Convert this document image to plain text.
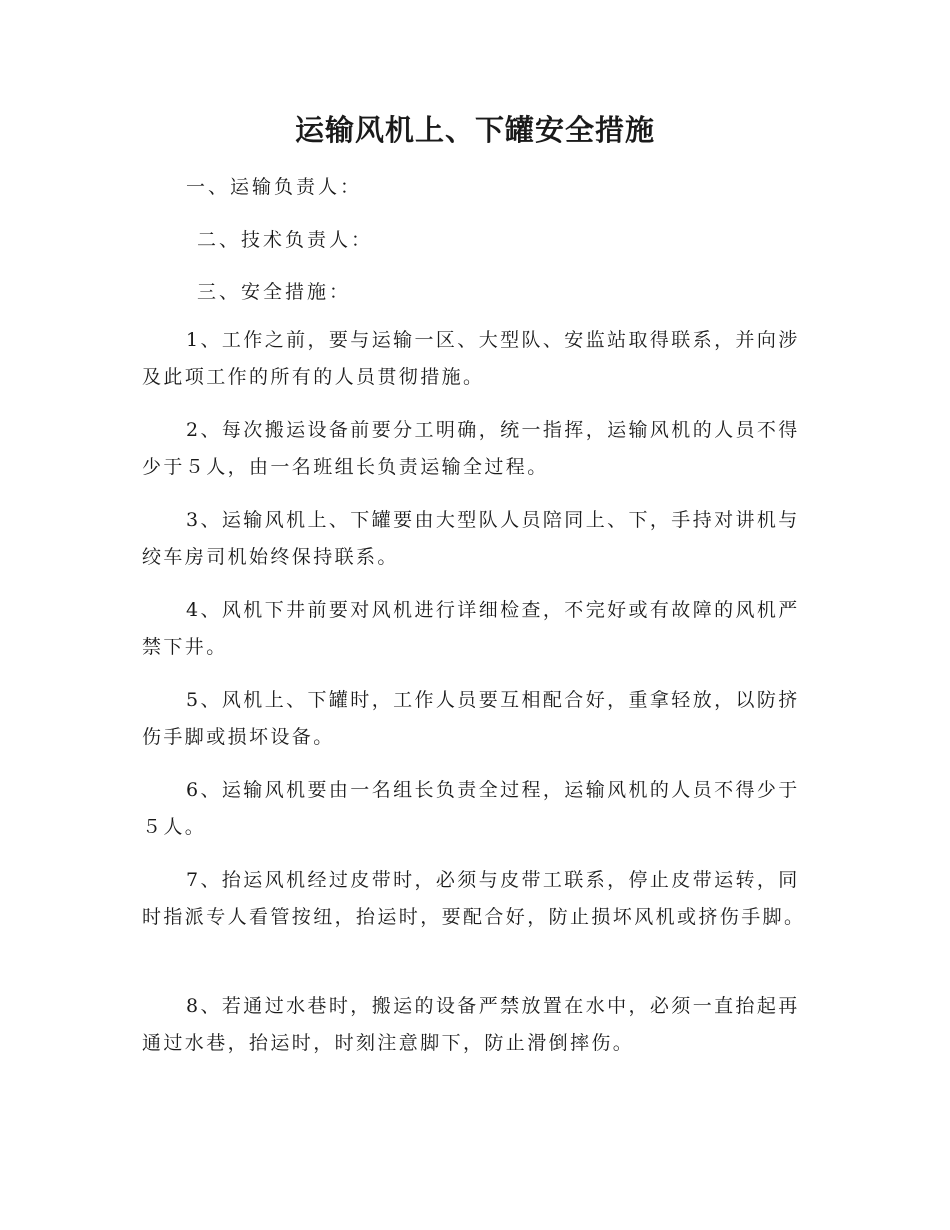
运输风机上、下罐安全措施

一、运输负责人：

二、技术负责人：

三、安全措施：

1、工作之前，要与运输一区、大型队、安监站取得联系，并向涉及此项工作的所有的人员贯彻措施。

2、每次搬运设备前要分工明确，统一指挥，运输风机的人员不得少于５人，由一名班组长负责运输全过程。

3、运输风机上、下罐要由大型队人员陪同上、下，手持对讲机与绞车房司机始终保持联系。

4、风机下井前要对风机进行详细检查，不完好或有故障的风机严禁下井。

5、风机上、下罐时，工作人员要互相配合好，重拿轻放，以防挤伤手脚或损坏设备。

6、运输风机要由一名组长负责全过程，运输风机的人员不得少于５人。

7、抬运风机经过皮带时，必须与皮带工联系，停止皮带运转，同时指派专人看管按纽，抬运时，要配合好，防止损坏风机或挤伤手脚。

8、若通过水巷时，搬运的设备严禁放置在水中，必须一直抬起再通过水巷，抬运时，时刻注意脚下，防止滑倒摔伤。
